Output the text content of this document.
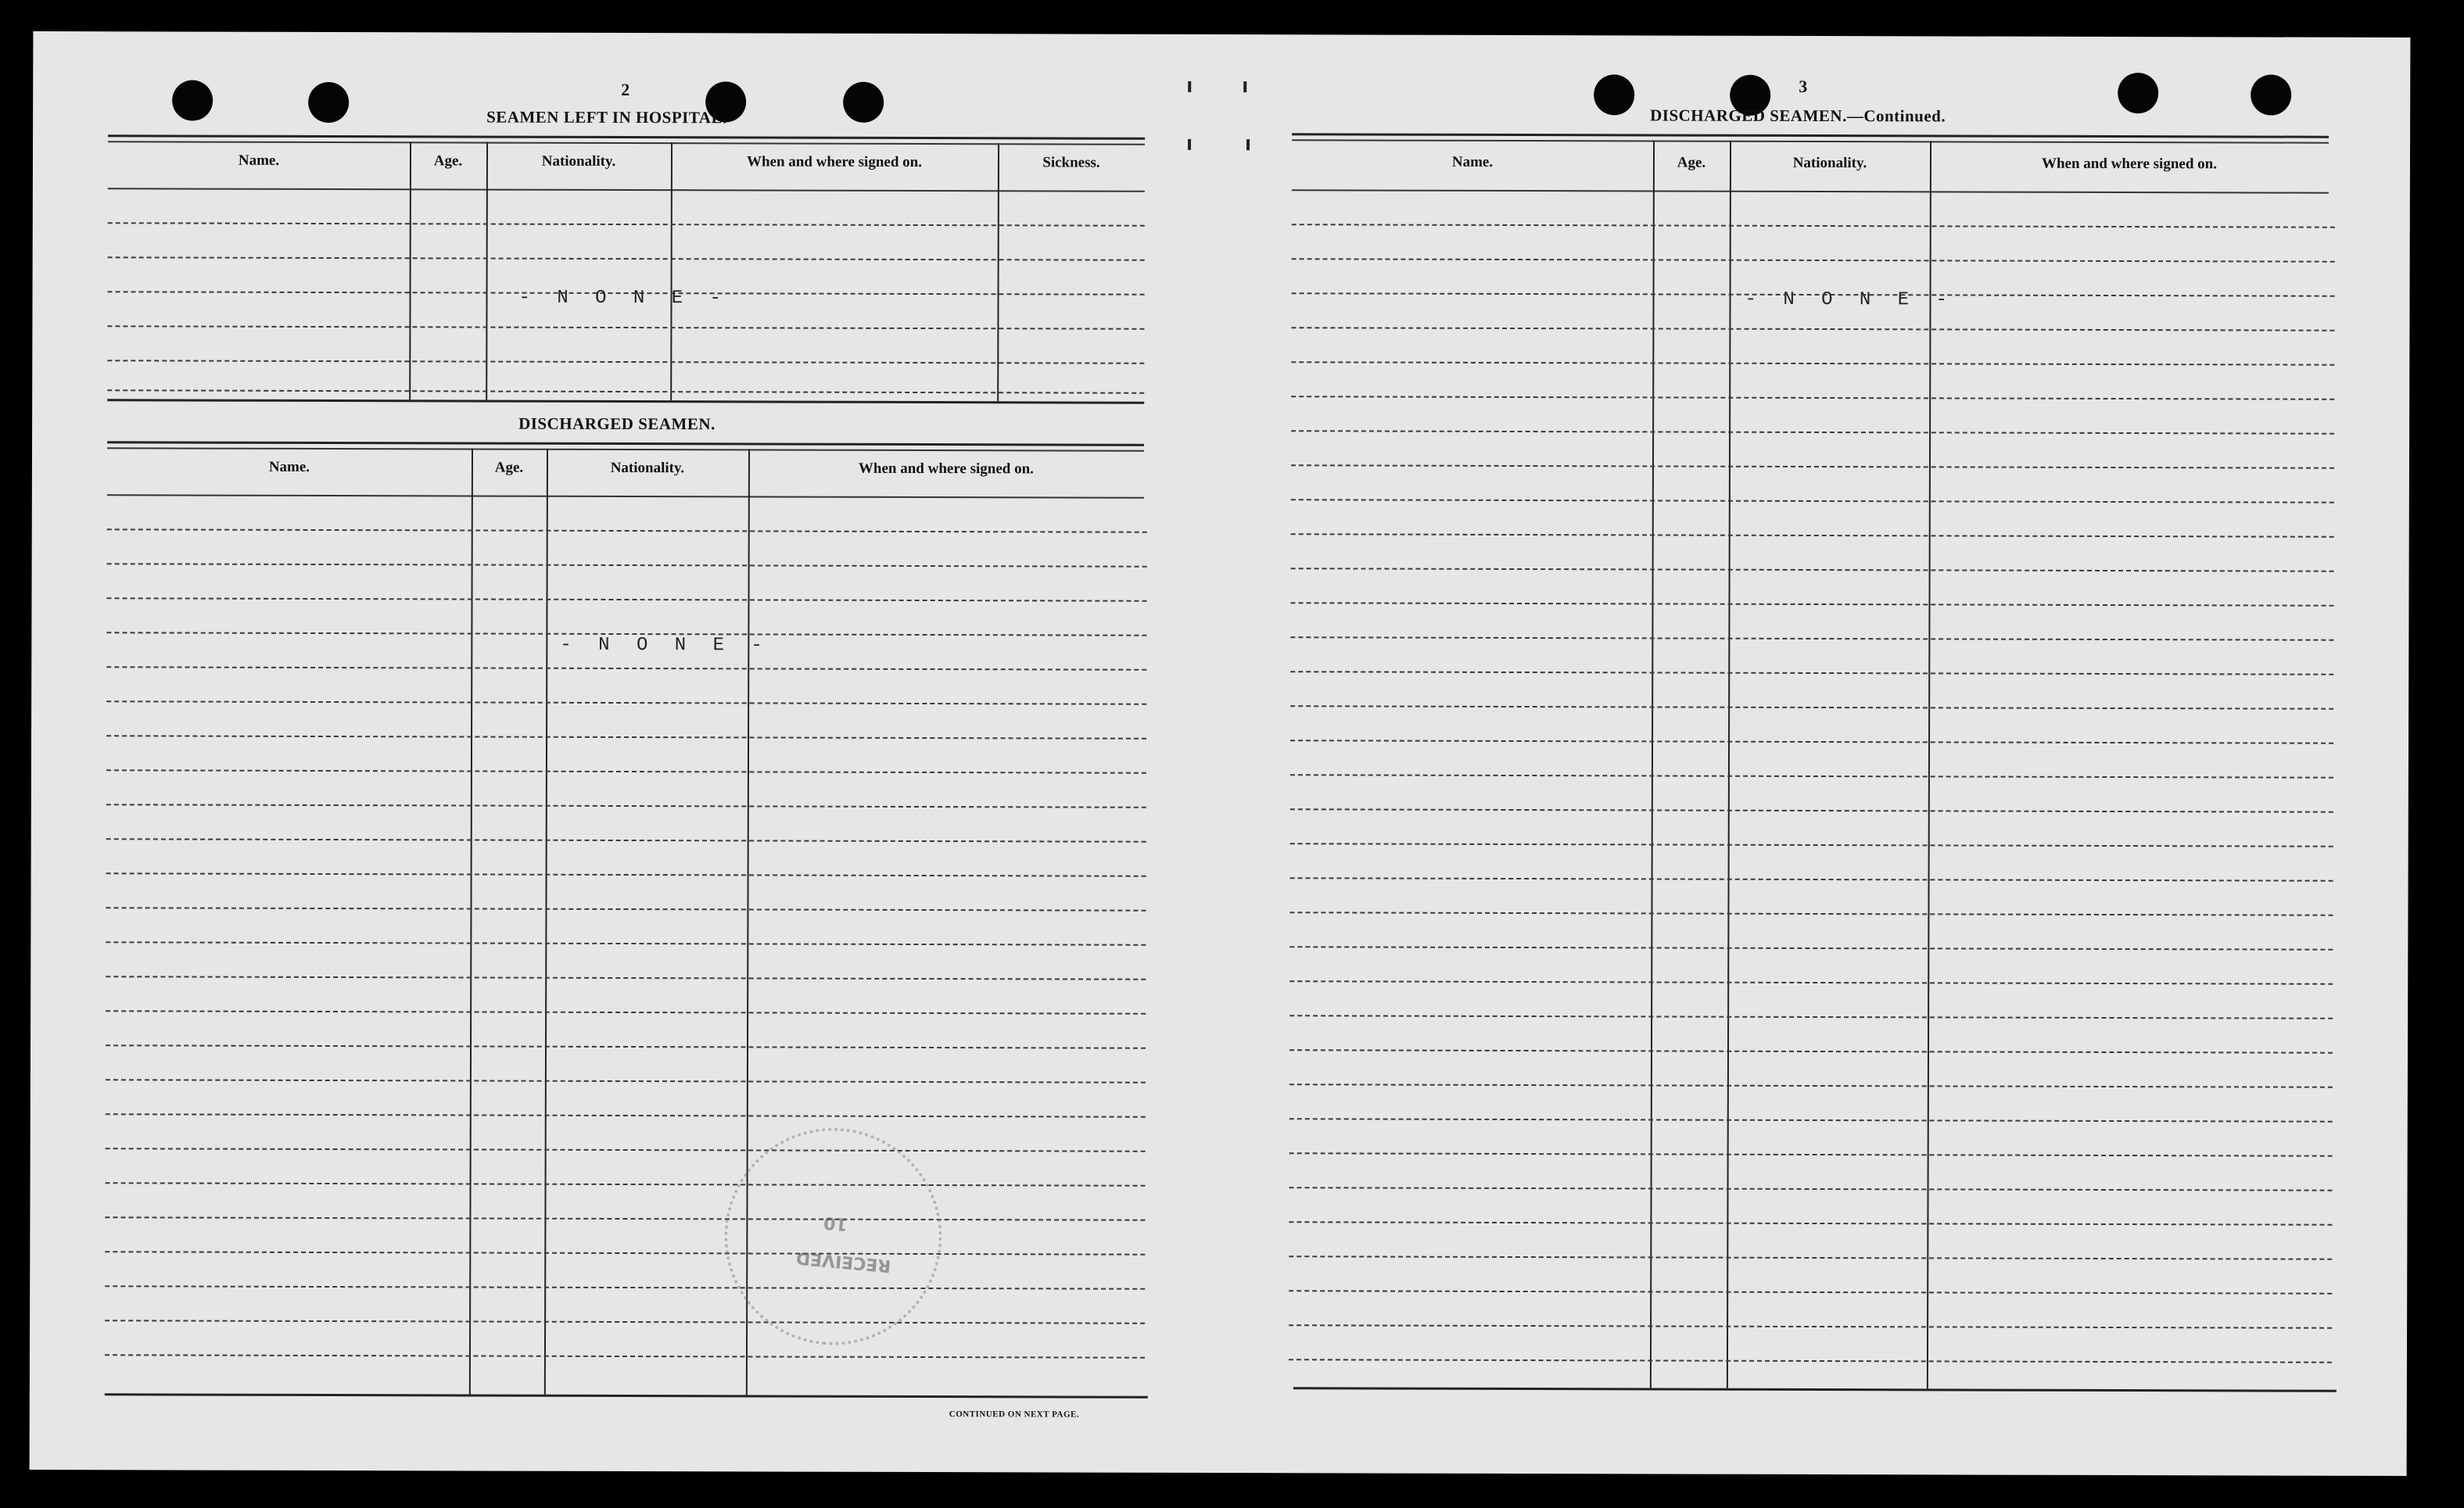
2
SEAMEN LEFT IN HOSPITAL.
Name.	Age.	Nationality.	When and where signed on.	Sickness.
- N O N E -
DISCHARGED SEAMEN.
Name.	Age.	Nationality.	When and where signed on.
- N O N E -
CONTINUED ON NEXT PAGE.
RECEIVED
10
3
DISCHARGED SEAMEN.—Continued.
Name.	Age.	Nationality.	When and where signed on.
- N O N E -
